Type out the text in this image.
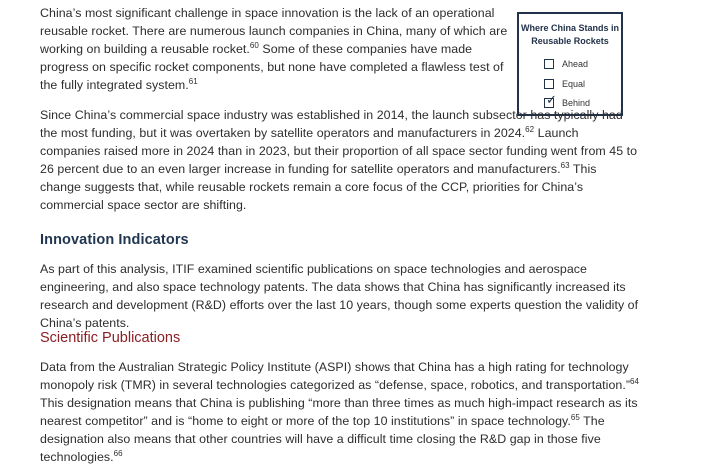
China’s most significant challenge in space innovation is the lack of an operational reusable rocket. There are numerous launch companies in China, many of which are working on building a reusable rocket.$^{60}$ Some of these companies have made progress on specific rocket components, but none have completed a flawless test of the fully integrated system.$^{61}$

Where China Stands in Reusable Rockets
Ahead
Equal
✓ Behind

Since China’s commercial space industry was established in 2014, the launch subsector has typically had the most funding, but it was overtaken by satellite operators and manufacturers in 2024.62 Launch companies raised more in 2024 than in 2023, but their proportion of all space sector funding went from 45 to 26 percent due to an even larger increase in funding for satellite operators and manufacturers.$^{63}$ This change suggests that, while reusable rockets remain a core focus of the CCP, priorities for China’s commercial space sector are shifting.

Innovation Indicators

As part of this analysis, ITIF examined scientific publications on space technologies and aerospace engineering, and also space technology patents. The data shows that China has significantly increased its research and development (R&D) efforts over the last 10 years, though some experts question the validity of China’s patents.

Scientific Publications

Data from the Australian Strategic Policy Institute (ASPI) shows that China has a high rating for technology monopoly risk (TMR) in several technologies categorized as “defense, space, robotics, and transportation.”$^{64}$ This designation means that China is publishing “more than three times as much high-impact research as its nearest competitor” and is “home to eight or more of the top 10 institutions” in space technology.$^{65}$ The designation also means that other countries will have a difficult time closing the R&D gap in those five technologies.$^{66}$
